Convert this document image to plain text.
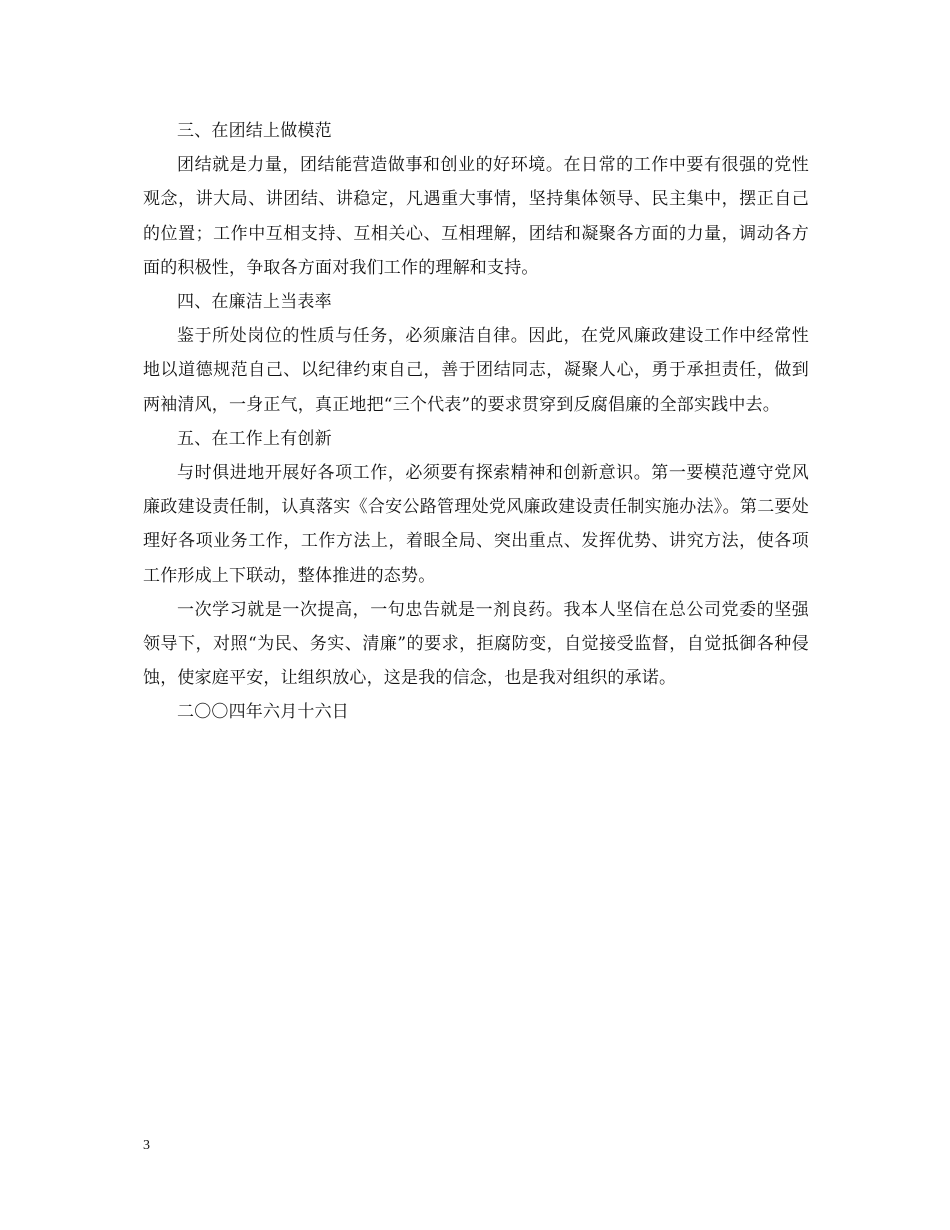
三、在团结上做模范

团结就是力量，团结能营造做事和创业的好环境。在日常的工作中要有很强的党性观念，讲大局、讲团结、讲稳定，凡遇重大事情，坚持集体领导、民主集中，摆正自己的位置；工作中互相支持、互相关心、互相理解，团结和凝聚各方面的力量，调动各方面的积极性，争取各方面对我们工作的理解和支持。

四、在廉洁上当表率

鉴于所处岗位的性质与任务，必须廉洁自律。因此，在党风廉政建设工作中经常性地以道德规范自己、以纪律约束自己，善于团结同志，凝聚人心，勇于承担责任，做到两袖清风，一身正气，真正地把“三个代表”的要求贯穿到反腐倡廉的全部实践中去。

五、在工作上有创新

与时俱进地开展好各项工作，必须要有探索精神和创新意识。第一要模范遵守党风廉政建设责任制，认真落实《合安公路管理处党风廉政建设责任制实施办法》。第二要处理好各项业务工作，工作方法上，着眼全局、突出重点、发挥优势、讲究方法，使各项工作形成上下联动，整体推进的态势。

一次学习就是一次提高，一句忠告就是一剂良药。我本人坚信在总公司党委的坚强领导下，对照“为民、务实、清廉”的要求，拒腐防变，自觉接受监督，自觉抵御各种侵蚀，使家庭平安，让组织放心，这是我的信念，也是我对组织的承诺。

二〇〇四年六月十六日

3
